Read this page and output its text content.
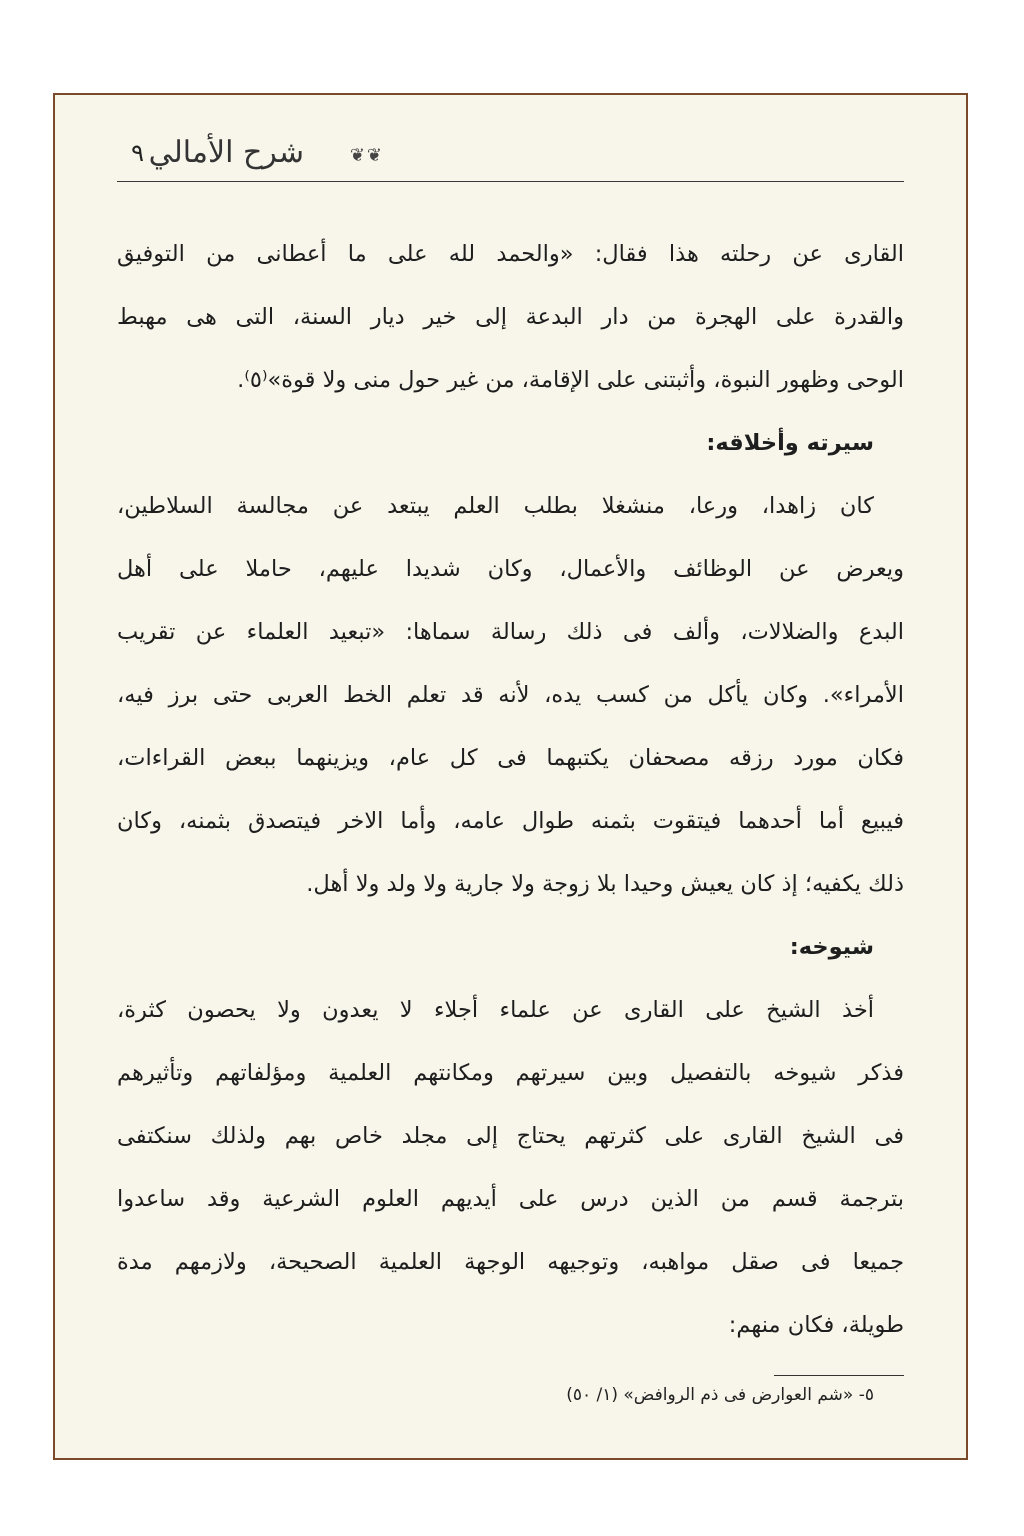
شرح الأمالي	❦❦
٩
القارى عن رحلته هذا فقال: «والحمد لله على ما أعطانى من التوفيق
والقدرة على الهجرة من دار البدعة إلى خير ديار السنة، التى هى مهبط
الوحى وظهور النبوة، وأثبتنى على الإقامة، من غير حول منى ولا قوة»⁽٥⁾.
سيرته وأخلاقه:
كان زاهدا، ورعا، منشغلا بطلب العلم يبتعد عن مجالسة السلاطين،
ويعرض عن الوظائف والأعمال، وكان شديدا عليهم، حاملا على أهل
البدع والضلالات، وألف فى ذلك رسالة سماها: «تبعيد العلماء عن تقريب
الأمراء». وكان يأكل من كسب يده، لأنه قد تعلم الخط العربى حتى برز فيه،
فكان مورد رزقه مصحفان يكتبهما فى كل عام، ويزينهما ببعض القراءات،
فيبيع أما أحدهما فيتقوت بثمنه طوال عامه، وأما الاخر فيتصدق بثمنه، وكان
ذلك يكفيه؛ إذ كان يعيش وحيدا بلا زوجة ولا جارية ولا ولد ولا أهل.
شيوخه:
أخذ الشيخ على القارى عن علماء أجلاء لا يعدون ولا يحصون كثرة،
فذكر شيوخه بالتفصيل وبين سيرتهم ومكانتهم العلمية ومؤلفاتهم وتأثيرهم
فى الشيخ القارى على كثرتهم يحتاج إلى مجلد خاص بهم ولذلك سنكتفى
بترجمة قسم من الذين درس على أيديهم العلوم الشرعية وقد ساعدوا
جميعا فى صقل مواهبه، وتوجيهه الوجهة العلمية الصحيحة، ولازمهم مدة
طويلة، فكان منهم:
٥- «شم العوارض فى ذم الروافض» (١/ ٥٠)
